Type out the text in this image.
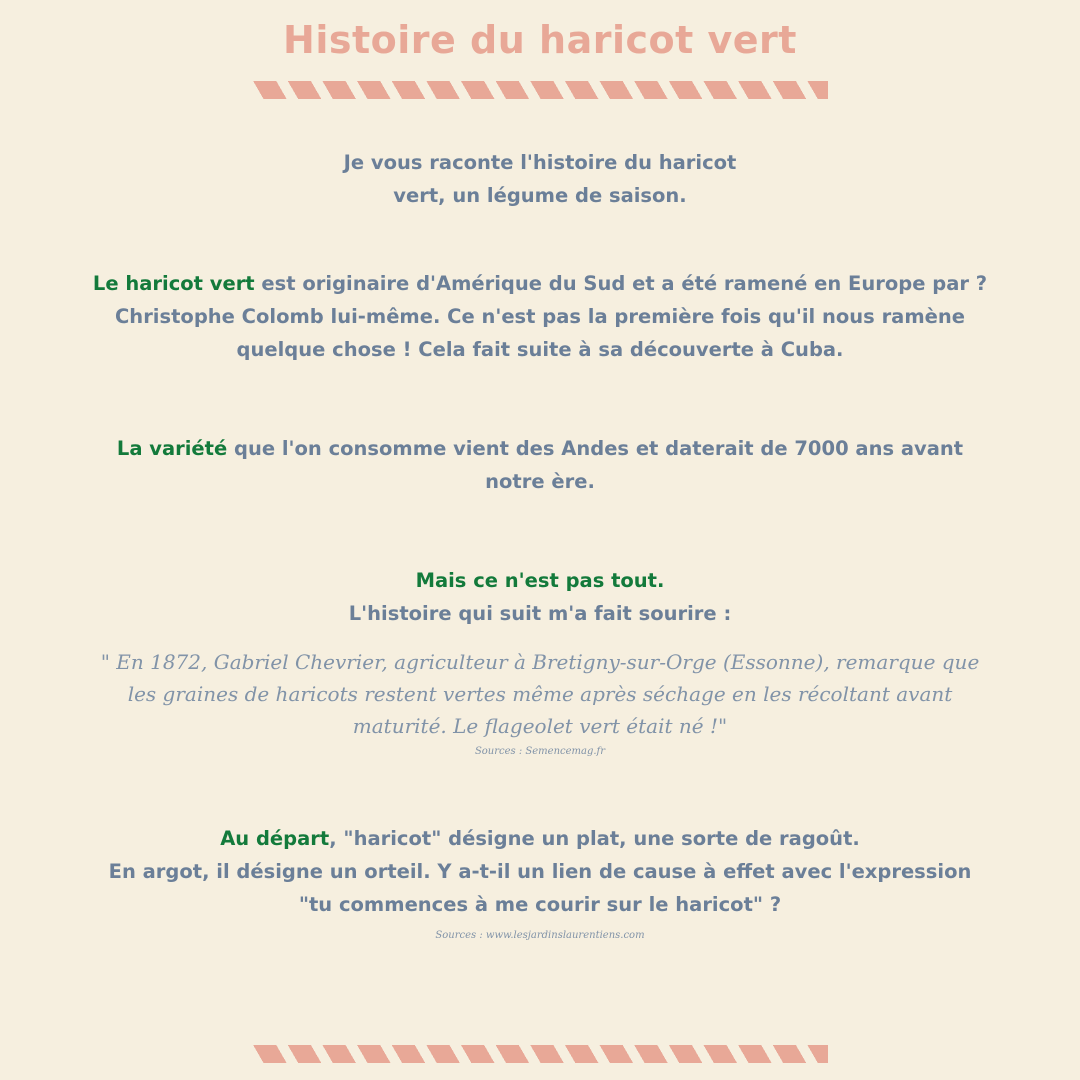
Histoire du haricot vert
Je vous raconte l'histoire du haricot
vert, un légume de saison.
Le haricot vert est originaire d'Amérique du Sud et a été ramené en Europe par ? Christophe Colomb lui-même. Ce n'est pas la première fois qu'il nous ramène quelque chose ! Cela fait suite à sa découverte à Cuba.
La variété que l'on consomme vient des Andes et daterait de 7000 ans avant notre ère.
Mais ce n'est pas tout.
L'histoire qui suit m'a fait sourire :
" En 1872, Gabriel Chevrier, agriculteur à Bretigny-sur-Orge (Essonne), remarque que les graines de haricots restent vertes même après séchage en les récoltant avant maturité. Le flageolet vert était né !"
Sources : Semencemag.fr
Au départ, "haricot" désigne un plat, une sorte de ragoût.
En argot, il désigne un orteil. Y a-t-il un lien de cause à effet avec l'expression "tu commences à me courir sur le haricot" ?
Sources : www.lesjardinslaurentiens.com
